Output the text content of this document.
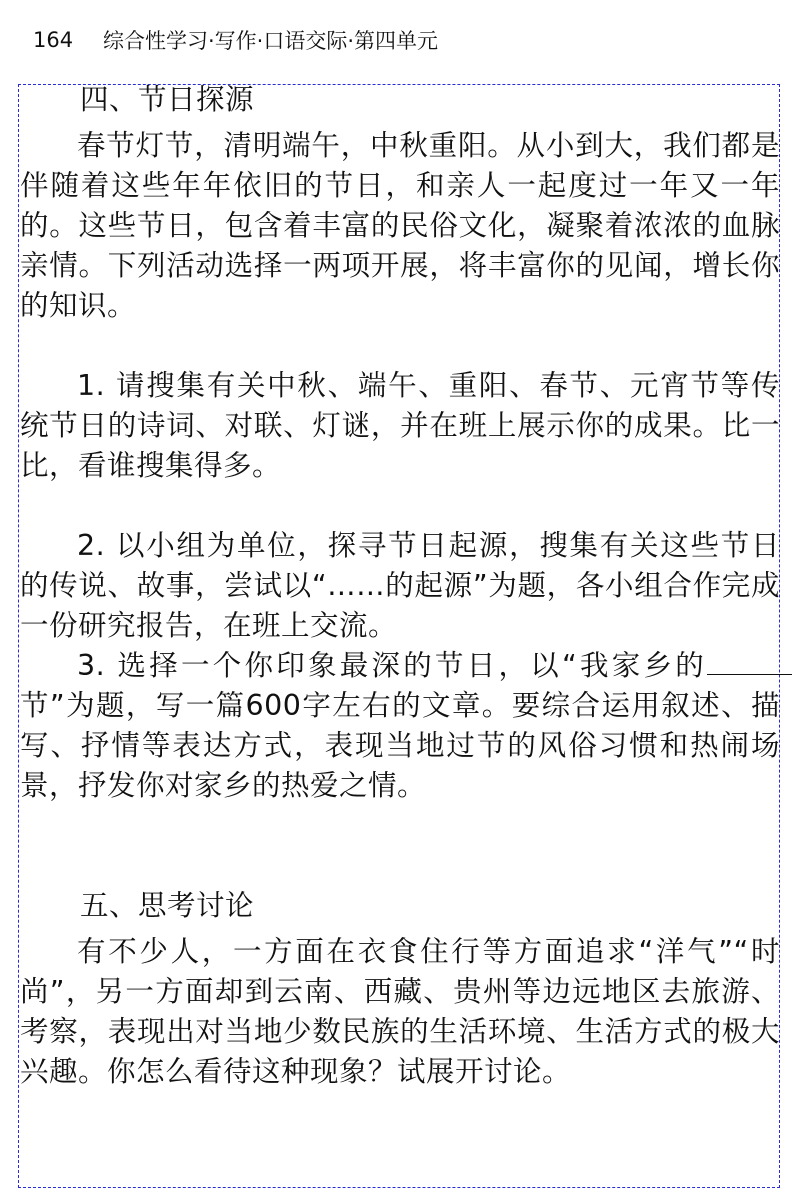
164	综合性学习·写作·口语交际·第四单元
四、节日探源

春节灯节，清明端午，中秋重阳。从小到大，我们都是伴随着这些年年依旧的节日，和亲人一起度过一年又一年的。这些节日，包含着丰富的民俗文化，凝聚着浓浓的血脉亲情。下列活动选择一两项开展，将丰富你的见闻，增长你的知识。

1. 请搜集有关中秋、端午、重阳、春节、元宵节等传统节日的诗词、对联、灯谜，并在班上展示你的成果。比一比，看谁搜集得多。

2. 以小组为单位，探寻节日起源，搜集有关这些节日的传说、故事，尝试以“……的起源”为题，各小组合作完成一份研究报告，在班上交流。

3. 选择一个你印象最深的节日，以“我家乡的节”为题，写一篇600字左右的文章。要综合运用叙述、描写、抒情等表达方式，表现当地过节的风俗习惯和热闹场景，抒发你对家乡的热爱之情。

五、思考讨论

有不少人，一方面在衣食住行等方面追求“洋气”“时尚”，另一方面却到云南、西藏、贵州等边远地区去旅游、考察，表现出对当地少数民族的生活环境、生活方式的极大兴趣。你怎么看待这种现象？试展开讨论。
